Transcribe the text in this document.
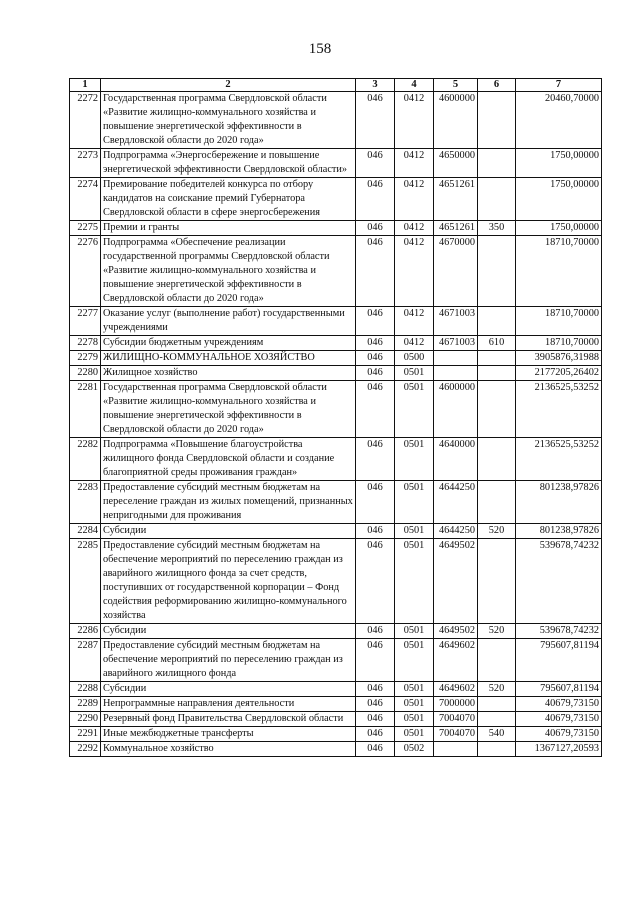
158
1	2	3	4	5	6	7
2272	Государственная программа Свердловской области «Развитие жилищно-коммунального хозяйства и повышение энергетической эффективности в Свердловской области до 2020 года»	046	0412	4600000		20460,70000
2273	Подпрограмма «Энергосбережение и повышение энергетической эффективности Свердловской области»	046	0412	4650000		1750,00000
2274	Премирование победителей конкурса по отбору кандидатов на соискание премий Губернатора Свердловской области в сфере энергосбережения	046	0412	4651261		1750,00000
2275	Премии и гранты	046	0412	4651261	350	1750,00000
2276	Подпрограмма «Обеспечение реализации государственной программы Свердловской области «Развитие жилищно-коммунального хозяйства и повышение энергетической эффективности в Свердловской области до 2020 года»	046	0412	4670000		18710,70000
2277	Оказание услуг (выполнение работ) государственными учреждениями	046	0412	4671003		18710,70000
2278	Субсидии бюджетным учреждениям	046	0412	4671003	610	18710,70000
2279	ЖИЛИЩНО-КОММУНАЛЬНОЕ ХОЗЯЙСТВО	046	0500			3905876,31988
2280	Жилищное хозяйство	046	0501			2177205,26402
2281	Государственная программа Свердловской области «Развитие жилищно-коммунального хозяйства и повышение энергетической эффективности в Свердловской области до 2020 года»	046	0501	4600000		2136525,53252
2282	Подпрограмма «Повышение благоустройства жилищного фонда Свердловской области и создание благоприятной среды проживания граждан»	046	0501	4640000		2136525,53252
2283	Предоставление субсидий местным бюджетам на переселение граждан из жилых помещений, признанных непригодными для проживания	046	0501	4644250		801238,97826
2284	Субсидии	046	0501	4644250	520	801238,97826
2285	Предоставление субсидий местным бюджетам на обеспечение мероприятий по переселению граждан из аварийного жилищного фонда за счет средств, поступивших от государственной корпорации – Фонд содействия реформированию жилищно-коммунального хозяйства	046	0501	4649502		539678,74232
2286	Субсидии	046	0501	4649502	520	539678,74232
2287	Предоставление субсидий местным бюджетам на обеспечение мероприятий по переселению граждан из аварийного жилищного фонда	046	0501	4649602		795607,81194
2288	Субсидии	046	0501	4649602	520	795607,81194
2289	Непрограммные направления деятельности	046	0501	7000000		40679,73150
2290	Резервный фонд Правительства Свердловской области	046	0501	7004070		40679,73150
2291	Иные межбюджетные трансферты	046	0501	7004070	540	40679,73150
2292	Коммунальное хозяйство	046	0502			1367127,20593
